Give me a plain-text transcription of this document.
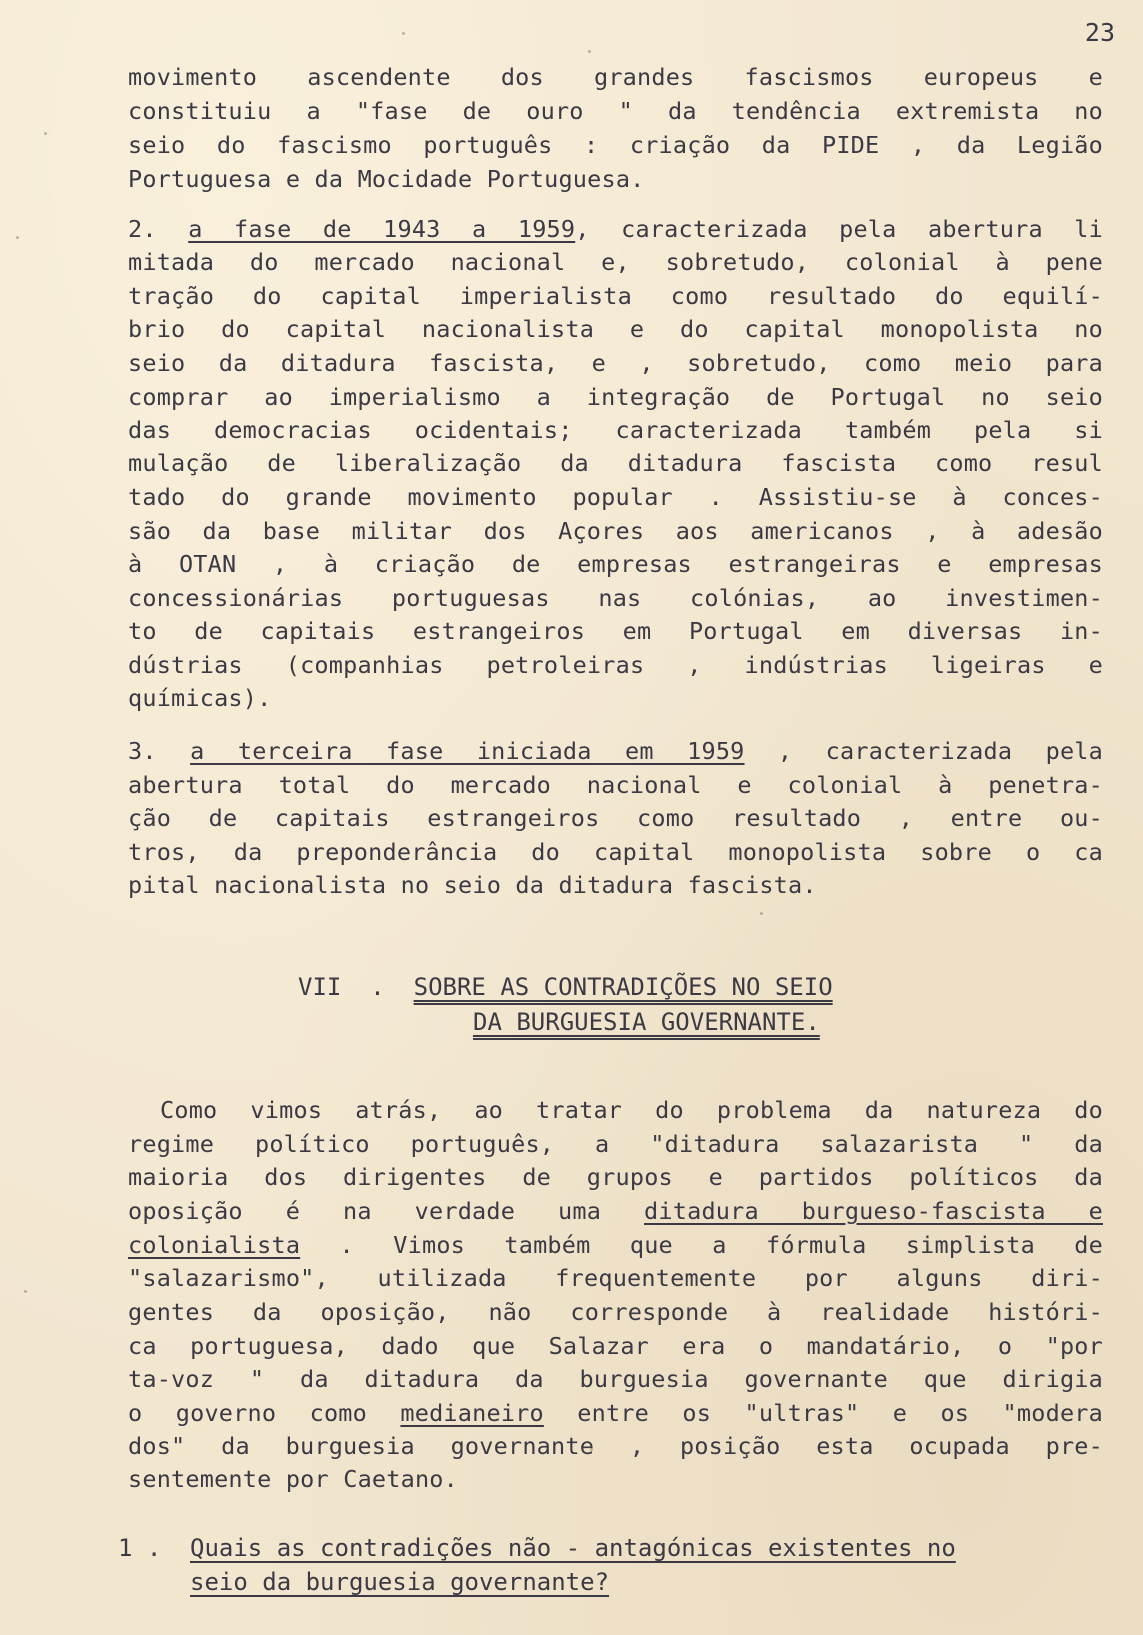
23
movimento ascendente dos grandes fascismos europeus e
constituiu a "fase de ouro " da tendência extremista no
seio do fascismo português : criação da PIDE , da Legião
Portuguesa e da Mocidade Portuguesa.
2. a fase de 1943 a 1959, caracterizada pela abertura li
mitada do mercado nacional e, sobretudo, colonial à pene
tração do capital imperialista como resultado do equilí-
brio do capital nacionalista e do capital monopolista no
seio da ditadura fascista, e , sobretudo, como meio para
comprar ao imperialismo a integração de Portugal no seio
das democracias ocidentais; caracterizada também pela si
mulação de liberalização da ditadura fascista como resul
tado do grande movimento popular . Assistiu-se à conces-
são da base militar dos Açores aos americanos , à adesão
à OTAN , à criação de empresas estrangeiras e empresas
concessionárias portuguesas nas colónias, ao investimen-
to de capitais estrangeiros em Portugal em diversas in-
dústrias (companhias petroleiras , indústrias ligeiras e
químicas).
3. a terceira fase iniciada em 1959 , caracterizada pela
abertura total do mercado nacional e colonial à penetra-
ção de capitais estrangeiros como resultado , entre ou-
tros, da preponderância do capital monopolista sobre o ca
pital nacionalista no seio da ditadura fascista.
VII . SOBRE AS CONTRADIÇÕES NO SEIO
DA BURGUESIA GOVERNANTE.
Como vimos atrás, ao tratar do problema da natureza do
regime político português, a "ditadura salazarista " da
maioria dos dirigentes de grupos e partidos políticos da
oposição é na verdade uma ditadura burgueso-fascista e
colonialista . Vimos também que a fórmula simplista de
"salazarismo", utilizada frequentemente por alguns diri-
gentes da oposição, não corresponde à realidade históri-
ca portuguesa, dado que Salazar era o mandatário, o "por
ta-voz " da ditadura da burguesia governante que dirigia
o governo como medianeiro entre os "ultras" e os "modera
dos" da burguesia governante , posição esta ocupada pre-
sentemente por Caetano.
1 . Quais as contradições não - antagónicas existentes no
seio da burguesia governante?
